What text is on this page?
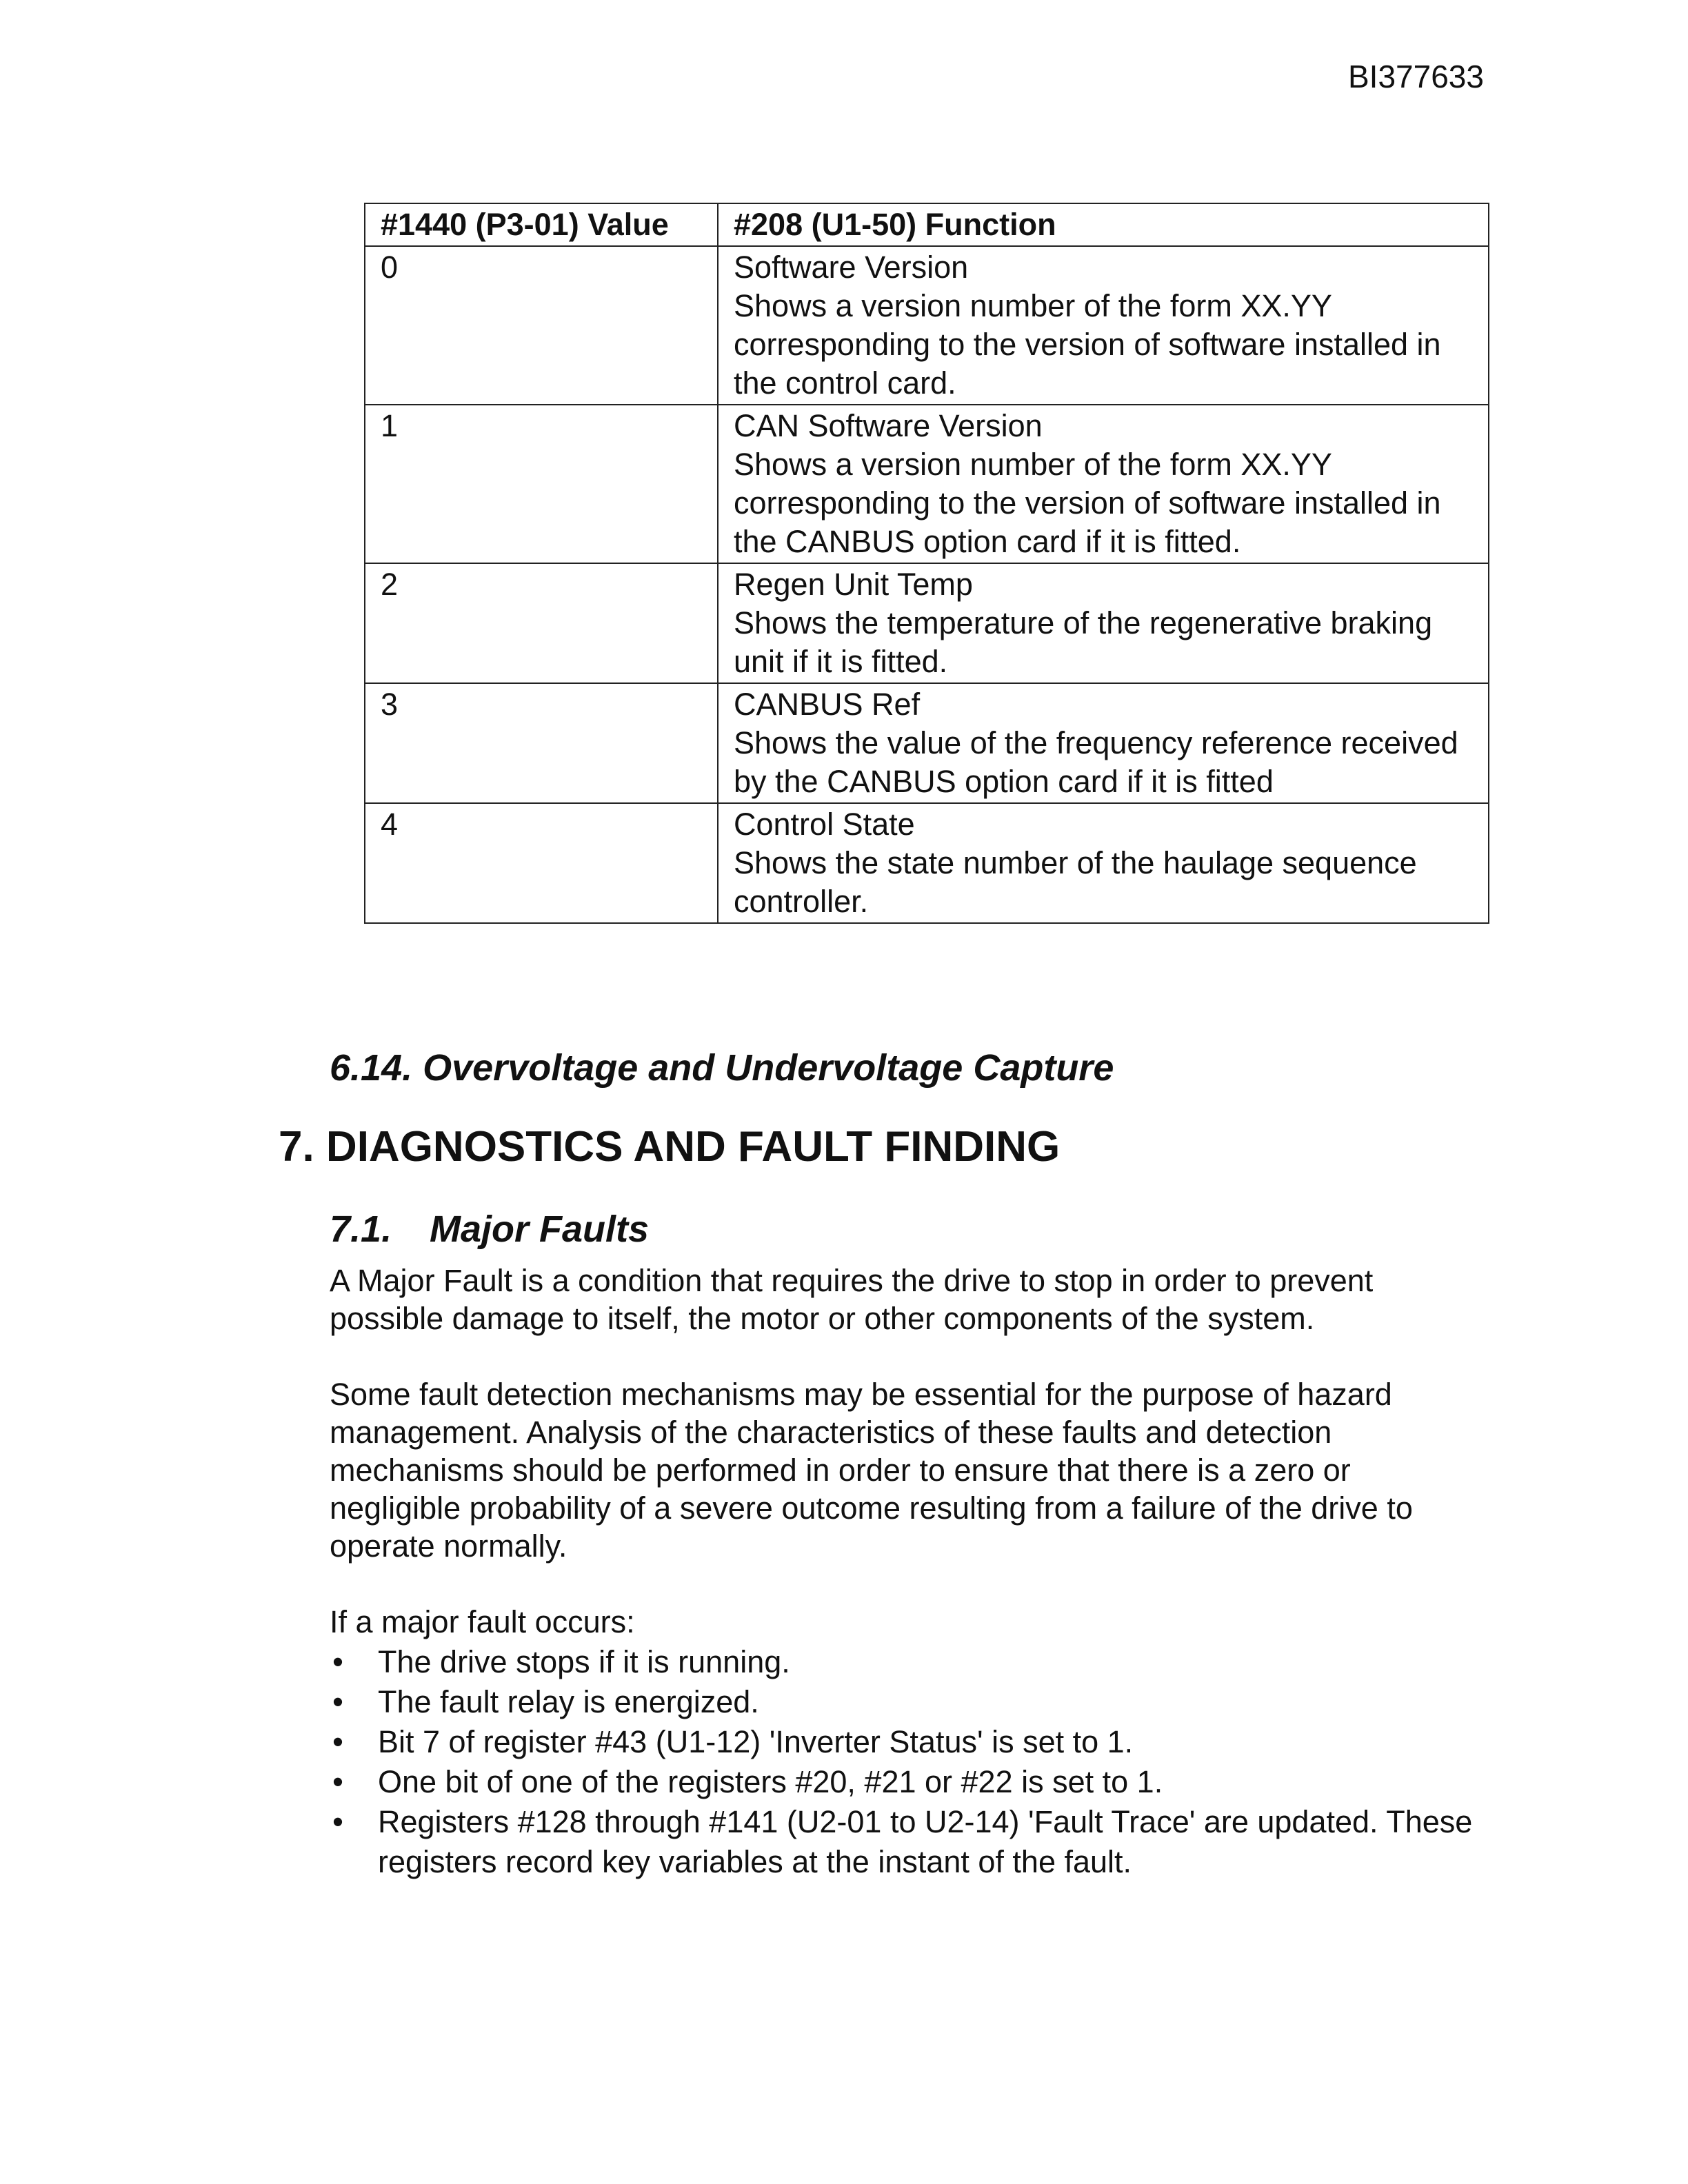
BI377633
#1440 (P3-01) Value	#208 (U1-50) Function
0	Software Version
Shows a version number of the form XX.YY corresponding to the version of software installed in the control card.

1	CAN Software Version
Shows a version number of the form XX.YY corresponding to the version of software installed in the CANBUS option card if it is fitted.

2	Regen Unit Temp
Shows the temperature of the regenerative braking unit if it is fitted.

3	CANBUS Ref
Shows the value of the frequency reference received by the CANBUS option card if it is fitted

4	Control State
Shows the state number of the haulage sequence controller.
6.14. Overvoltage and Undervoltage Capture
7. DIAGNOSTICS AND FAULT FINDING
7.1. Major Faults

A Major Fault is a condition that requires the drive to stop in order to prevent possible damage to itself, the motor or other components of the system.

Some fault detection mechanisms may be essential for the purpose of hazard management. Analysis of the characteristics of these faults and detection mechanisms should be performed in order to ensure that there is a zero or negligible probability of a severe outcome resulting from a failure of the drive to operate normally.

If a major fault occurs:

• The drive stops if it is running.
• The fault relay is energized.
• Bit 7 of register #43 (U1-12) 'Inverter Status' is set to 1.
• One bit of one of the registers #20, #21 or #22 is set to 1.
• Registers #128 through #141 (U2-01 to U2-14) 'Fault Trace' are updated. These registers record key variables at the instant of the fault.
